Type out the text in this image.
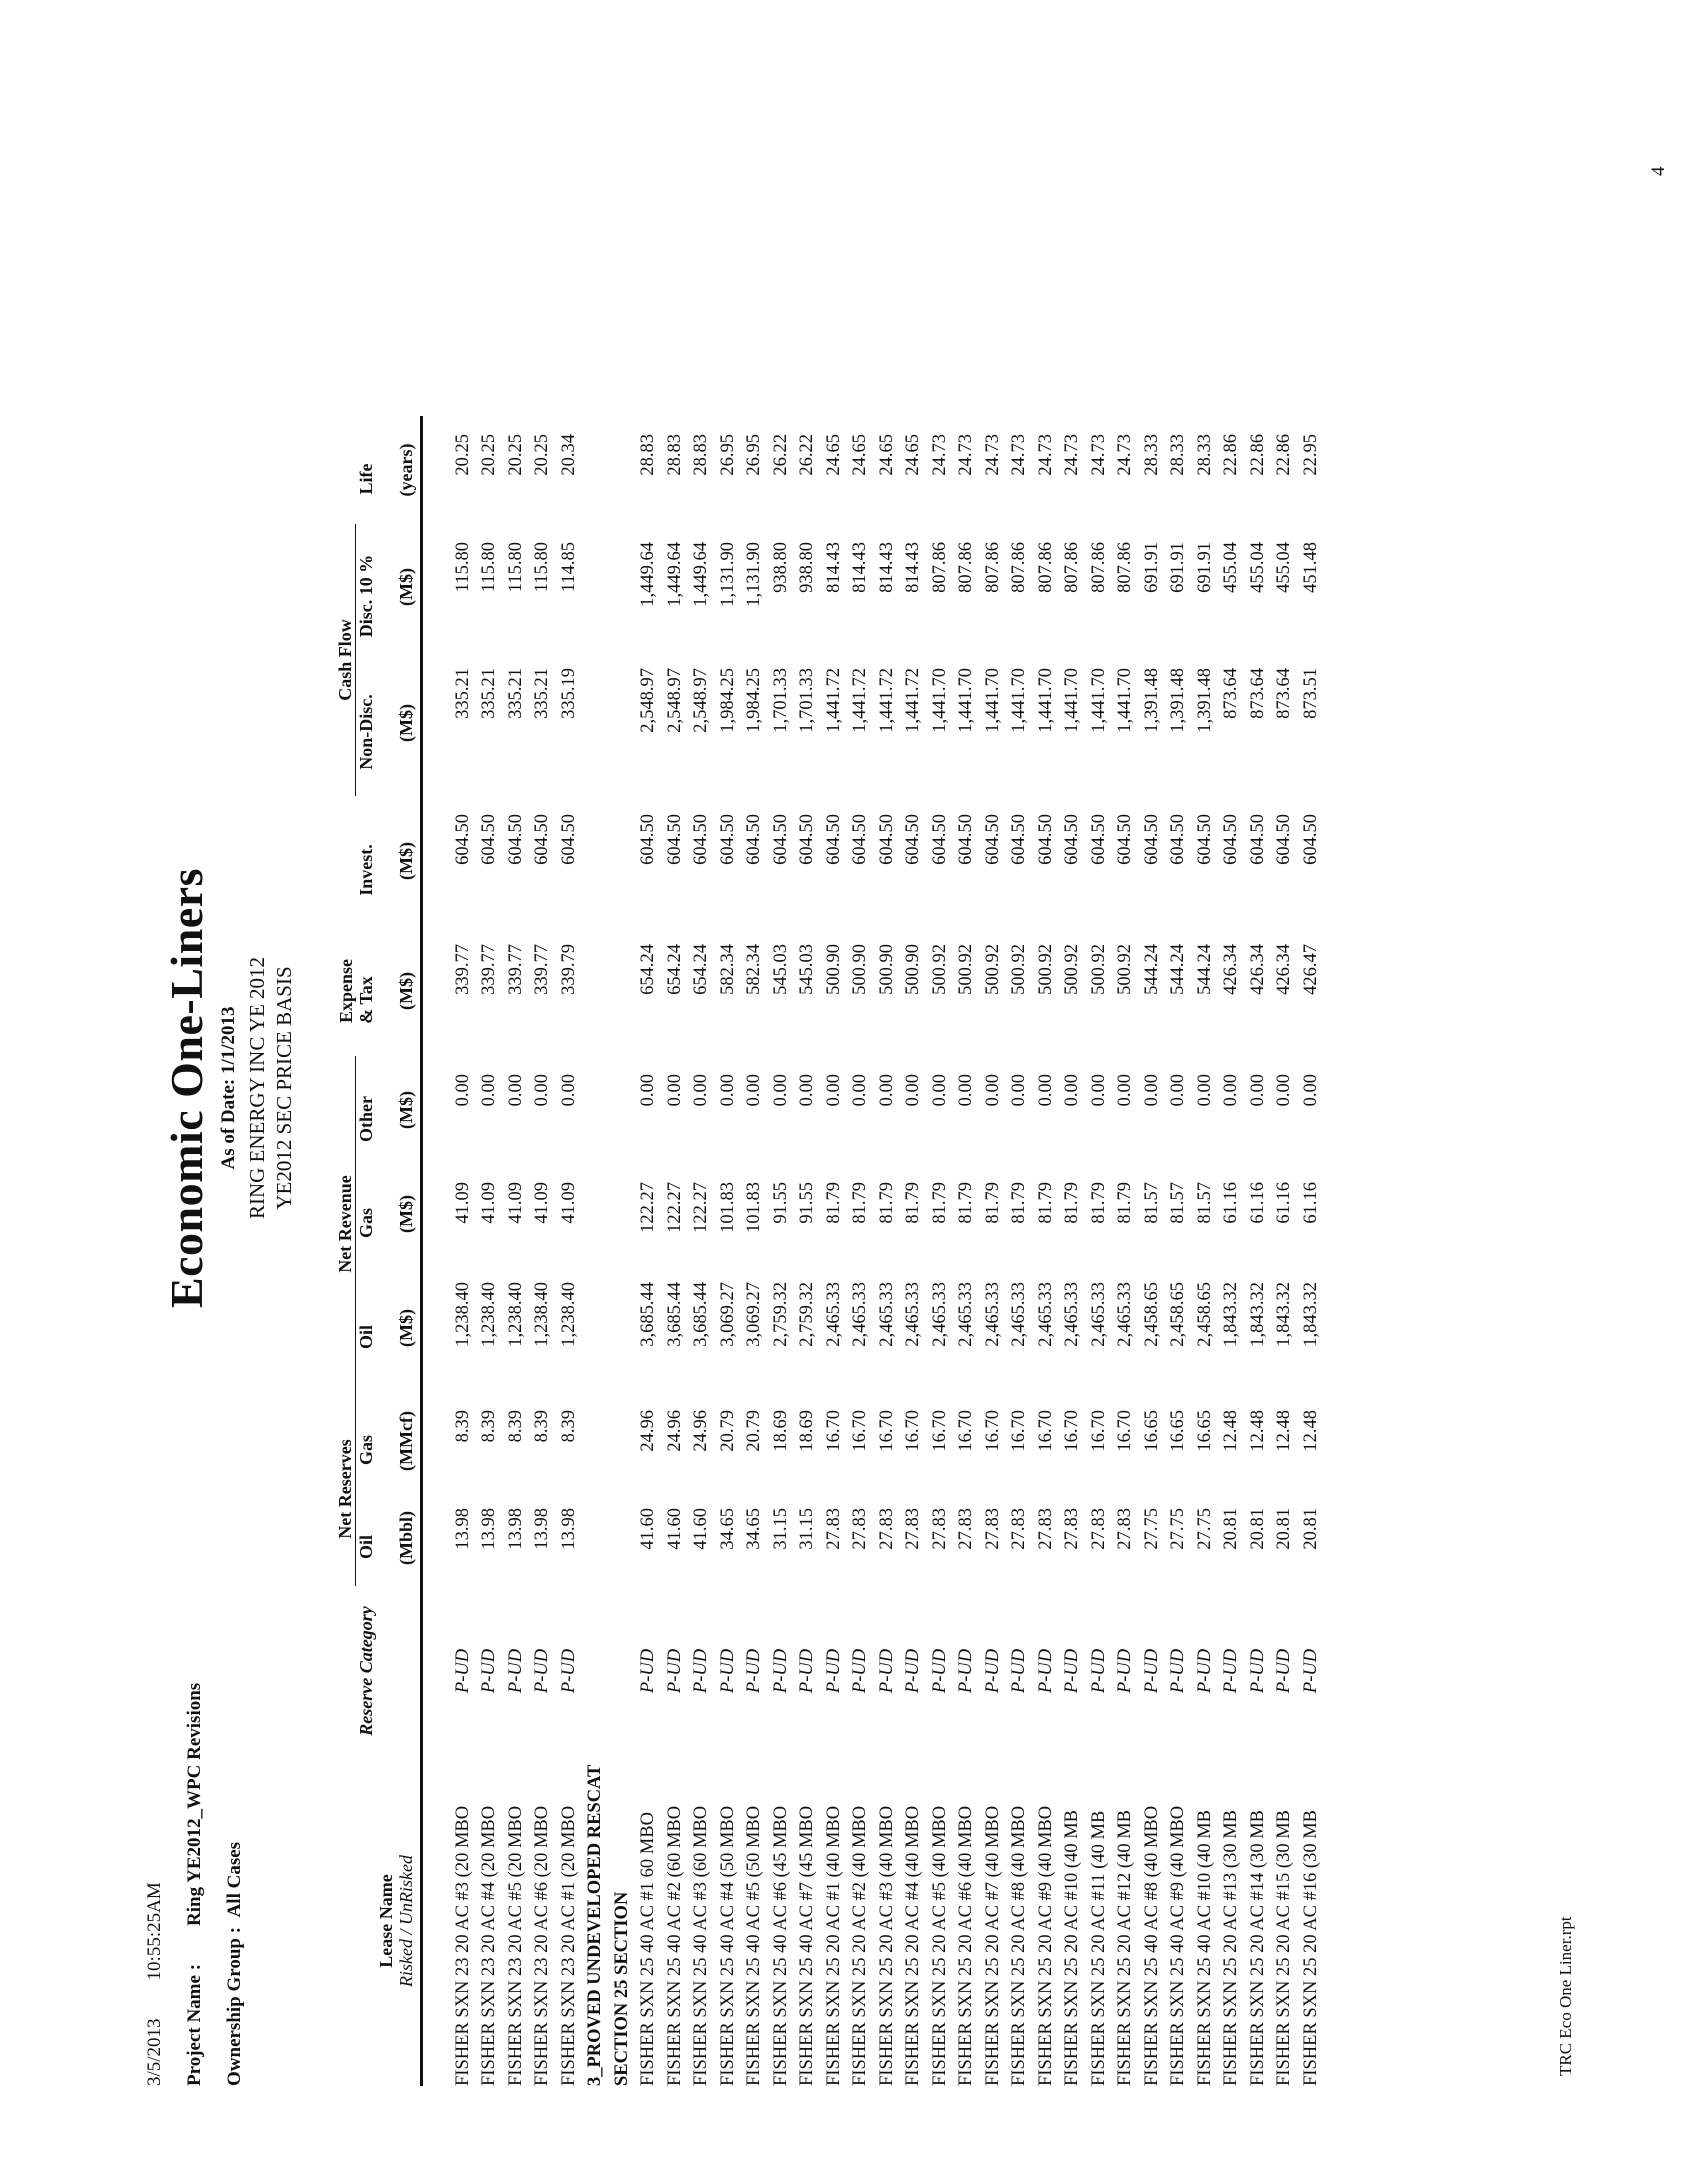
3/5/201310:55:25AM
Project Name :Ring YE2012_WPC Revisions
Ownership Group :  All Cases
Economic One-Liners As of Date: 1/1/2013 RING ENERGY INC YE 2012 YE2012 SEC PRICE BASIS
		Net Reserves		Net Revenue			Expense		Cash Flow		
	Reserve Category	Oil	Gas	Oil	Gas	Other	& Tax	Invest.	Non-Disc.	Disc. 10 %	Life

Lease Name Risked / UnRisked		(Mbbl)	(MMcf)	(M$)	(M$)	(M$)	(M$)	(M$)	(M$)	(M$)	(years)

FISHER SXN 23 20 AC #3 (20 MBO	P-UD	13.98	8.39	1,238.40	41.09	0.00	339.77	604.50	335.21	115.80	20.25
FISHER SXN 23 20 AC #4 (20 MBO	P-UD	13.98	8.39	1,238.40	41.09	0.00	339.77	604.50	335.21	115.80	20.25
FISHER SXN 23 20 AC #5 (20 MBO	P-UD	13.98	8.39	1,238.40	41.09	0.00	339.77	604.50	335.21	115.80	20.25
FISHER SXN 23 20 AC #6 (20 MBO	P-UD	13.98	8.39	1,238.40	41.09	0.00	339.77	604.50	335.21	115.80	20.25
FISHER SXN 23 20 AC #1 (20 MBO	P-UD	13.98	8.39	1,238.40	41.09	0.00	339.79	604.50	335.19	114.85	20.34
3_PROVED UNDEVELOPED RESCAT											
SECTION 25 SECTION											
FISHER SXN 25 40 AC #1 60 MBO	P-UD	41.60	24.96	3,685.44	122.27	0.00	654.24	604.50	2,548.97	1,449.64	28.83
FISHER SXN 25 40 AC #2 (60 MBO	P-UD	41.60	24.96	3,685.44	122.27	0.00	654.24	604.50	2,548.97	1,449.64	28.83
FISHER SXN 25 40 AC #3 (60 MBO	P-UD	41.60	24.96	3,685.44	122.27	0.00	654.24	604.50	2,548.97	1,449.64	28.83
FISHER SXN 25 40 AC #4 (50 MBO	P-UD	34.65	20.79	3,069.27	101.83	0.00	582.34	604.50	1,984.25	1,131.90	26.95
FISHER SXN 25 40 AC #5 (50 MBO	P-UD	34.65	20.79	3,069.27	101.83	0.00	582.34	604.50	1,984.25	1,131.90	26.95
FISHER SXN 25 40 AC #6 (45 MBO	P-UD	31.15	18.69	2,759.32	91.55	0.00	545.03	604.50	1,701.33	938.80	26.22
FISHER SXN 25 40 AC #7 (45 MBO	P-UD	31.15	18.69	2,759.32	91.55	0.00	545.03	604.50	1,701.33	938.80	26.22
FISHER SXN 25 20 AC #1 (40 MBO	P-UD	27.83	16.70	2,465.33	81.79	0.00	500.90	604.50	1,441.72	814.43	24.65
FISHER SXN 25 20 AC #2 (40 MBO	P-UD	27.83	16.70	2,465.33	81.79	0.00	500.90	604.50	1,441.72	814.43	24.65
FISHER SXN 25 20 AC #3 (40 MBO	P-UD	27.83	16.70	2,465.33	81.79	0.00	500.90	604.50	1,441.72	814.43	24.65
FISHER SXN 25 20 AC #4 (40 MBO	P-UD	27.83	16.70	2,465.33	81.79	0.00	500.90	604.50	1,441.72	814.43	24.65
FISHER SXN 25 20 AC #5 (40 MBO	P-UD	27.83	16.70	2,465.33	81.79	0.00	500.92	604.50	1,441.70	807.86	24.73
FISHER SXN 25 20 AC #6 (40 MBO	P-UD	27.83	16.70	2,465.33	81.79	0.00	500.92	604.50	1,441.70	807.86	24.73
FISHER SXN 25 20 AC #7 (40 MBO	P-UD	27.83	16.70	2,465.33	81.79	0.00	500.92	604.50	1,441.70	807.86	24.73
FISHER SXN 25 20 AC #8 (40 MBO	P-UD	27.83	16.70	2,465.33	81.79	0.00	500.92	604.50	1,441.70	807.86	24.73
FISHER SXN 25 20 AC #9 (40 MBO	P-UD	27.83	16.70	2,465.33	81.79	0.00	500.92	604.50	1,441.70	807.86	24.73
FISHER SXN 25 20 AC #10 (40 MB	P-UD	27.83	16.70	2,465.33	81.79	0.00	500.92	604.50	1,441.70	807.86	24.73
FISHER SXN 25 20 AC #11 (40 MB	P-UD	27.83	16.70	2,465.33	81.79	0.00	500.92	604.50	1,441.70	807.86	24.73
FISHER SXN 25 20 AC #12 (40 MB	P-UD	27.83	16.70	2,465.33	81.79	0.00	500.92	604.50	1,441.70	807.86	24.73
FISHER SXN 25 40 AC #8 (40 MBO	P-UD	27.75	16.65	2,458.65	81.57	0.00	544.24	604.50	1,391.48	691.91	28.33
FISHER SXN 25 40 AC #9 (40 MBO	P-UD	27.75	16.65	2,458.65	81.57	0.00	544.24	604.50	1,391.48	691.91	28.33
FISHER SXN 25 40 AC #10 (40 MB	P-UD	27.75	16.65	2,458.65	81.57	0.00	544.24	604.50	1,391.48	691.91	28.33
FISHER SXN 25 20 AC #13 (30 MB	P-UD	20.81	12.48	1,843.32	61.16	0.00	426.34	604.50	873.64	455.04	22.86
FISHER SXN 25 20 AC #14 (30 MB	P-UD	20.81	12.48	1,843.32	61.16	0.00	426.34	604.50	873.64	455.04	22.86
FISHER SXN 25 20 AC #15 (30 MB	P-UD	20.81	12.48	1,843.32	61.16	0.00	426.34	604.50	873.64	455.04	22.86
FISHER SXN 25 20 AC #16 (30 MB	P-UD	20.81	12.48	1,843.32	61.16	0.00	426.47	604.50	873.51	451.48	22.95
TRC Eco One Liner.rpt
4
